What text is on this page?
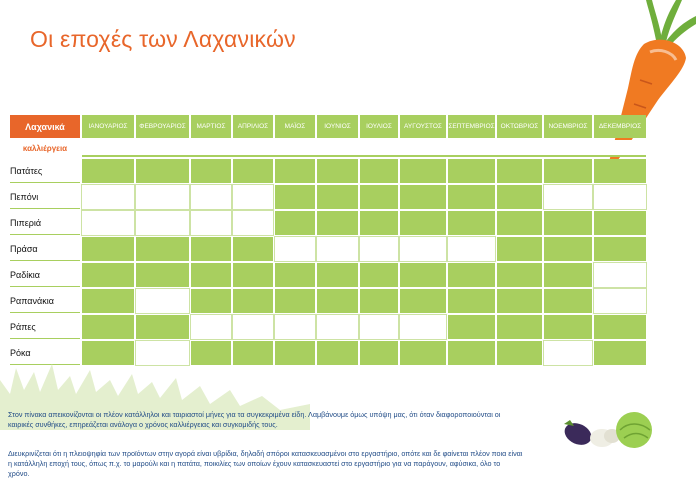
Οι εποχές των Λαχανικών
Λαχανικά	ΙΑΝΟΥΑΡΙΟΣ	ΦΕΒΡΟΥΑΡΙΟΣ	ΜΑΡΤΙΟΣ	ΑΠΡΙΛΙΟΣ	ΜΑΪΟΣ	ΙΟΥΝΙΟΣ	ΙΟΥΛΙΟΣ	ΑΥΓΟΥΣΤΟΣ	ΣΕΠΤΕΜΒΡΙΟΣ	ΟΚΤΩΒΡΙΟΣ	ΝΟΕΜΒΡΙΟΣ	ΔΕΚΕΜΒΡΙΟΣ
καλλιέργεια												
Πατάτες												
Πεπόνι												
Πιπεριά												
Πράσα												
Ραδίκια												
Ραπανάκια												
Ράπες												
Ρόκα												
Στον πίνακα απεικονίζονται οι πλέον κατάλληλοι και ταιριαστοί μήνες για τα συγκεκριμένα είδη. Λαμβάνουμε όμως υπόψη μας, ότι όταν διαφοροποιούνται οι καιρικές συνθήκες, επηρεάζεται ανάλογα ο χρόνος καλλιέργειας και συγκομιδής τους.
Διευκρινίζεται ότι η πλειοψηφία των προϊόντων στην αγορά είναι υβρίδια, δηλαδή σπόροι κατασκευασμένοι στο εργαστήριο, οπότε και δε φαίνεται πλέον ποια είναι η κατάλληλη εποχή τους, όπως π.χ. το μαρούλι και η πατάτα, ποικιλίες των οποίων έχουν κατασκευαστεί στο εργαστήριο για να παράγουν, αφύσικα, όλο το χρόνο.
